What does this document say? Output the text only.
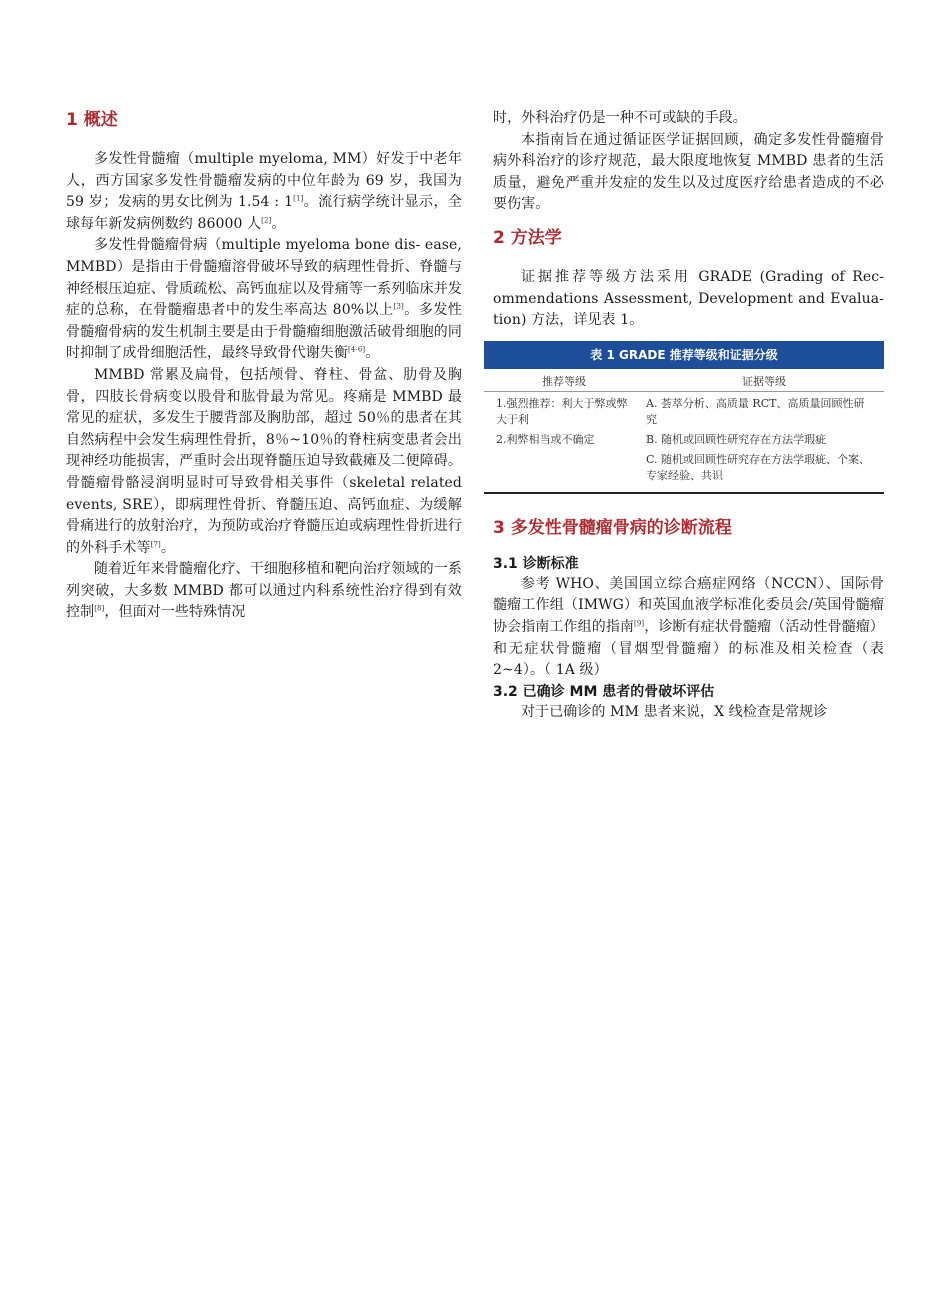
1 概述

多发性骨髓瘤（multiple myeloma, MM）好发于中老年人，西方国家多发性骨髓瘤发病的中位年龄为 69 岁，我国为 59 岁；发病的男女比例为 1.54 : 1[1]。流行病学统计显示，全球每年新发病例数约 86000 人[2]。

多发性骨髓瘤骨病（multiple myeloma bone dis‑ ease, MMBD）是指由于骨髓瘤溶骨破坏导致的病理性骨折、脊髓与神经根压迫症、骨质疏松、高钙血症以及骨痛等一系列临床并发症的总称，在骨髓瘤患者中的发生率高达 80%以上[3]。多发性骨髓瘤骨病的发生机制主要是由于骨髓瘤细胞激活破骨细胞的同时抑制了成骨细胞活性，最终导致骨代谢失衡[4‑6]。

MMBD 常累及扁骨，包括颅骨、脊柱、骨盆、肋骨及胸骨，四肢长骨病变以股骨和肱骨最为常见。疼痛是 MMBD 最常见的症状，多发生于腰背部及胸肋部，超过 50％的患者在其自然病程中会发生病理性骨折，8％~10％的脊柱病变患者会出现神经功能损害，严重时会出现脊髓压迫导致截瘫及二便障碍。骨髓瘤骨骼浸润明显时可导致骨相关事件（skeletal related events, SRE），即病理性骨折、脊髓压迫、高钙血症、为缓解骨痛进行的放射治疗，为预防或治疗脊髓压迫或病理性骨折进行的外科手术等[7]。

随着近年来骨髓瘤化疗、干细胞移植和靶向治疗领域的一系列突破，大多数 MMBD 都可以通过内科系统性治疗得到有效控制[8]，但面对一些特殊情况

时，外科治疗仍是一种不可或缺的手段。

本指南旨在通过循证医学证据回顾，确定多发性骨髓瘤骨病外科治疗的诊疗规范，最大限度地恢复 MMBD 患者的生活质量，避免严重并发症的发生以及过度医疗给患者造成的不必要伤害。

2 方法学

证据推荐等级方法采用 GRADE (Grading of Rec‑ ommendations Assessment, Development and Evalua‑ tion) 方法，详见表 1。

表 1 GRADE 推荐等级和证据分级
推荐等级	证据等级
1.强烈推荐：利大于弊或弊大于利
A. 荟萃分析、高质量 RCT、高质量回顾性研究
2.利弊相当或不确定	B. 随机或回顾性研究存在方法学瑕疵
C. 随机或回顾性研究存在方法学瑕疵、个案、专家经验、共识
3 多发性骨髓瘤骨病的诊断流程
3.1 诊断标准

参考 WHO、美国国立综合癌症网络（NCCN）、国际骨髓瘤工作组（IMWG）和英国血液学标准化委员会/英国骨髓瘤协会指南工作组的指南[9]，诊断有症状骨髓瘤（活动性骨髓瘤）和无症状骨髓瘤（冒烟型骨髓瘤）的标准及相关检查（表 2~4）。（ 1A 级）

3.2 已确诊 MM 患者的骨破坏评估

对于已确诊的 MM 患者来说，X 线检查是常规诊
